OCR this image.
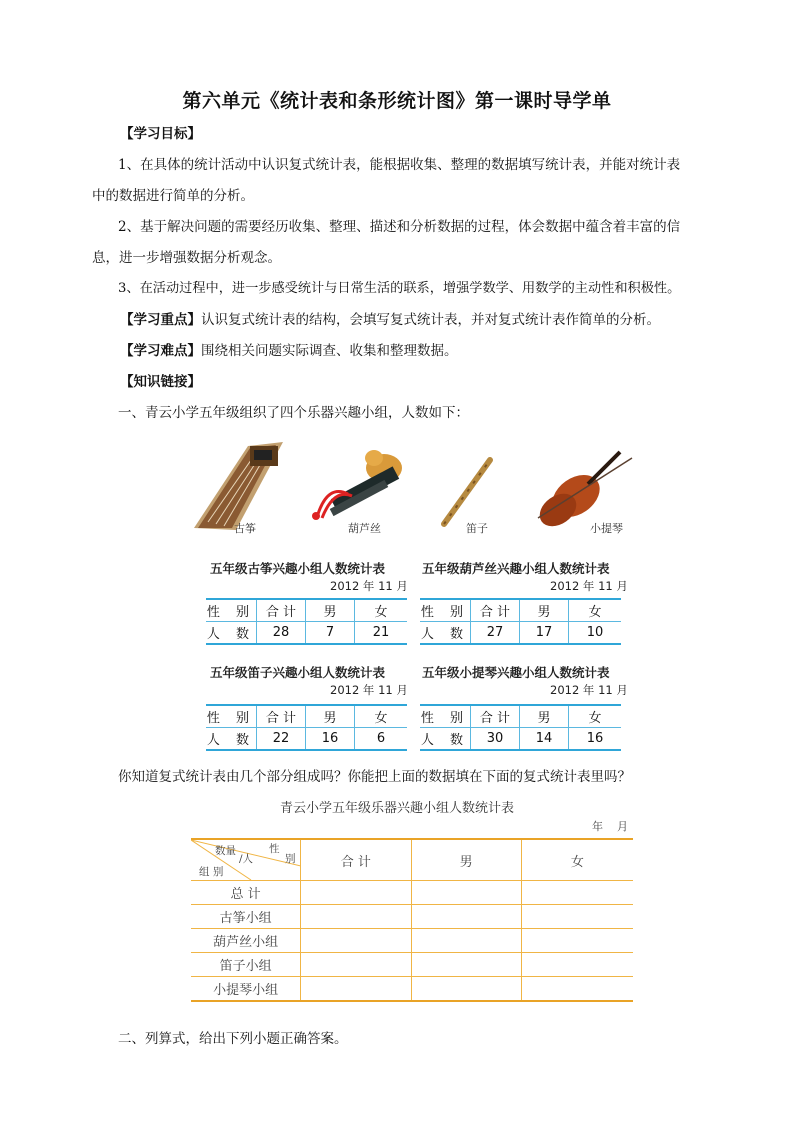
第六单元《统计表和条形统计图》第一课时导学单
【学习目标】
1、在具体的统计活动中认识复式统计表，能根据收集、整理的数据填写统计表，并能对统计表
中的数据进行简单的分析。
2、基于解决问题的需要经历收集、整理、描述和分析数据的过程，体会数据中蕴含着丰富的信
息，进一步增强数据分析观念。
3、在活动过程中，进一步感受统计与日常生活的联系，增强学数学、用数学的主动性和积极性。
【学习重点】认识复式统计表的结构，会填写复式统计表，并对复式统计表作简单的分析。
【学习难点】围绕相关问题实际调查、收集和整理数据。
【知识链接】
一、青云小学五年级组织了四个乐器兴趣小组，人数如下：
古筝	葫芦丝	笛子	小提琴
五年级古筝兴趣小组人数统计表
2012 年 11 月
性 别	合 计	男	女
人 数	28	7	21
五年级葫芦丝兴趣小组人数统计表
2012 年 11 月
性 别	合 计	男	女
人 数	27	17	10
五年级笛子兴趣小组人数统计表
2012 年 11 月
性 别	合 计	男	女
人 数	22	16	6
五年级小提琴兴趣小组人数统计表
2012 年 11 月
性 别	合 计	男	女
人 数	30	14	16
你知道复式统计表由几个部分组成吗？你能把上面的数据填在下面的复式统计表里吗？
青云小学五年级乐器兴趣小组人数统计表
年    月
数量
/人
性
别
组 别	合 计	男	女
总 计			
古筝小组			
葫芦丝小组			
笛子小组			
小提琴小组			
二、列算式，给出下列小题正确答案。
